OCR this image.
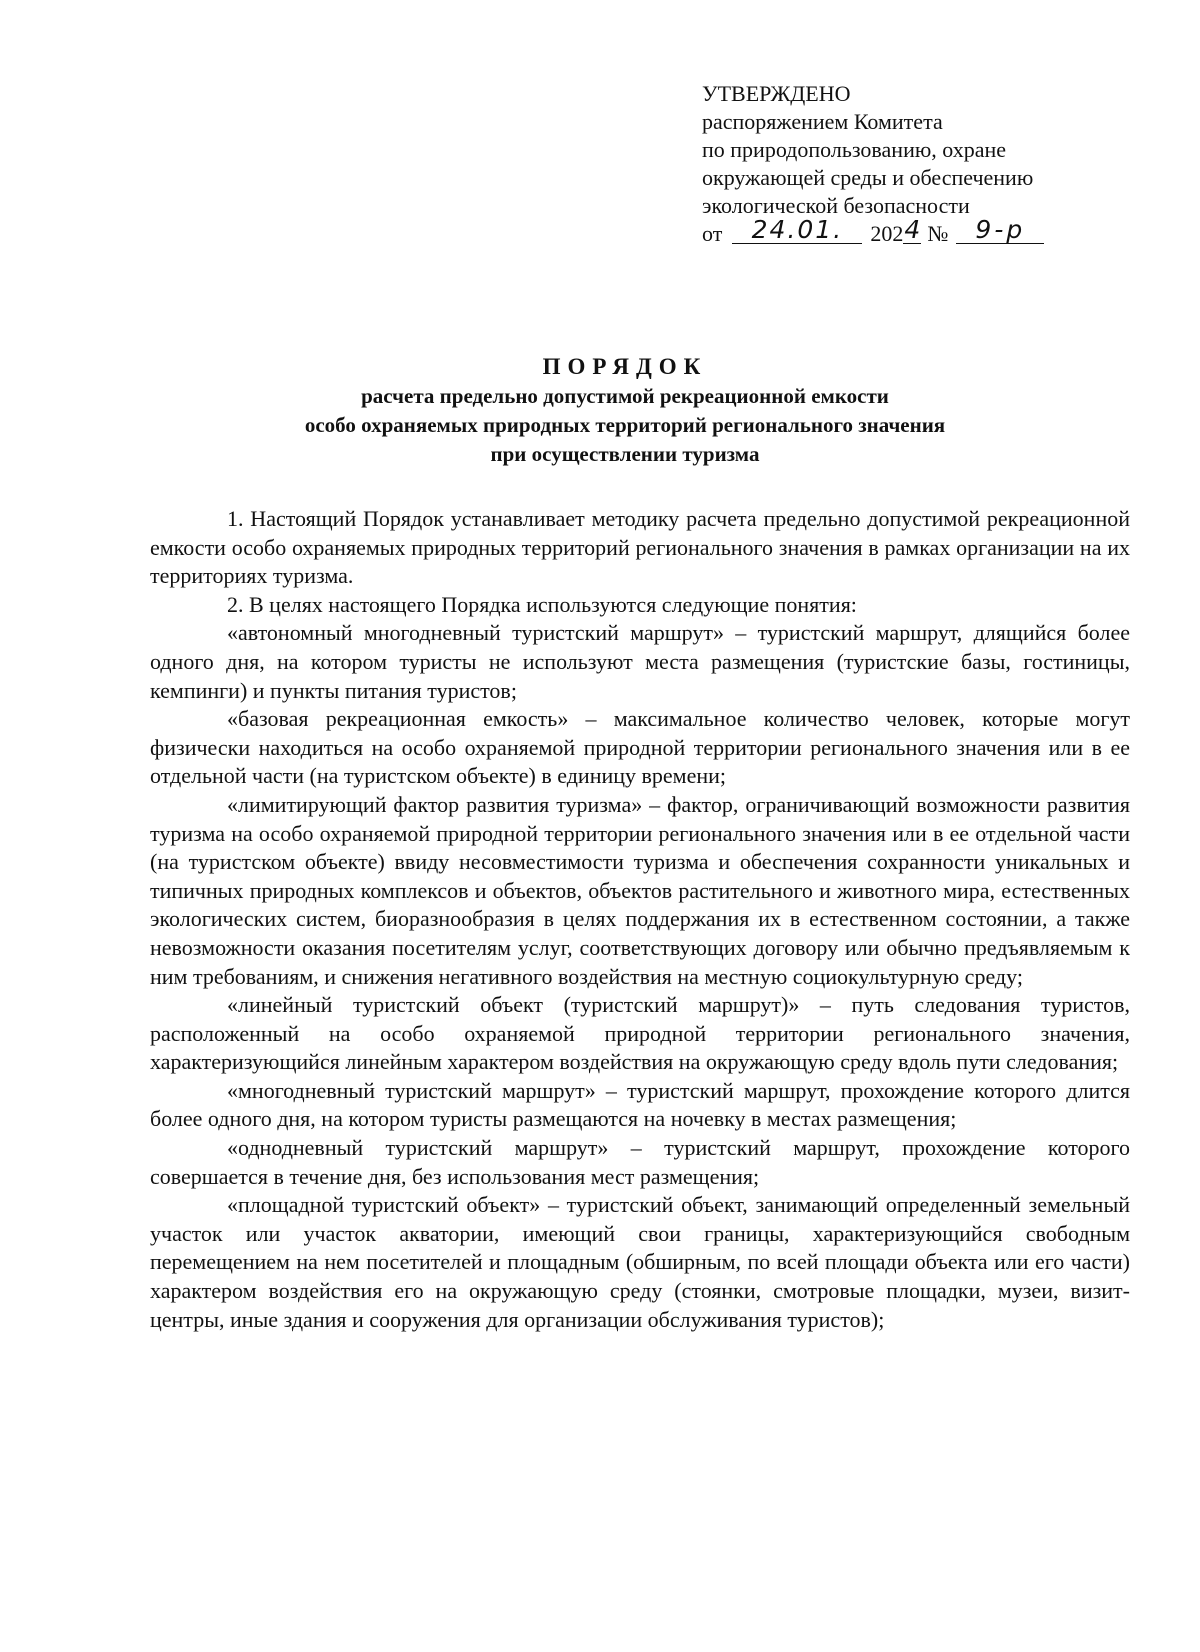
УТВЕРЖДЕНО
распоряжением Комитета
по природопользованию, охране
окружающей среды и обеспечению
экологической безопасности
от 24.01. 2024 № 9-р
ПОРЯДОК
расчета предельно допустимой рекреационной емкости
особо охраняемых природных территорий регионального значения
при осуществлении туризма

1. Настоящий Порядок устанавливает методику расчета предельно допустимой рекреационной емкости особо охраняемых природных территорий регионального значения в рамках организации на их территориях туризма.

2. В целях настоящего Порядка используются следующие понятия:

«автономный многодневный туристский маршрут» – туристский маршрут, длящийся более одного дня, на котором туристы не используют места размещения (туристские базы, гостиницы, кемпинги) и пункты питания туристов;

«базовая рекреационная емкость» – максимальное количество человек, которые могут физически находиться на особо охраняемой природной территории регионального значения или в ее отдельной части (на туристском объекте) в единицу времени;

«лимитирующий фактор развития туризма» – фактор, ограничивающий возможности развития туризма на особо охраняемой природной территории регионального значения или в ее отдельной части (на туристском объекте) ввиду несовместимости туризма и обеспечения сохранности уникальных и типичных природных комплексов и объектов, объектов растительного и животного мира, естественных экологических систем, биоразнообразия в целях поддержания их в естественном состоянии, а также невозможности оказания посетителям услуг, соответствующих договору или обычно предъявляемым к ним требованиям, и снижения негативного воздействия на местную социокультурную среду;

«линейный туристский объект (туристский маршрут)» – путь следования туристов, расположенный на особо охраняемой природной территории регионального значения, характеризующийся линейным характером воздействия на окружающую среду вдоль пути следования;

«многодневный туристский маршрут» – туристский маршрут, прохождение которого длится более одного дня, на котором туристы размещаются на ночевку в местах размещения;

«однодневный туристский маршрут» – туристский маршрут, прохождение которого совершается в течение дня, без использования мест размещения;

«площадной туристский объект» – туристский объект, занимающий определенный земельный участок или участок акватории, имеющий свои границы, характеризующийся свободным перемещением на нем посетителей и площадным (обширным, по всей площади объекта или его части) характером воздействия его на окружающую среду (стоянки, смотровые площадки, музеи, визит-центры, иные здания и сооружения для организации обслуживания туристов);
